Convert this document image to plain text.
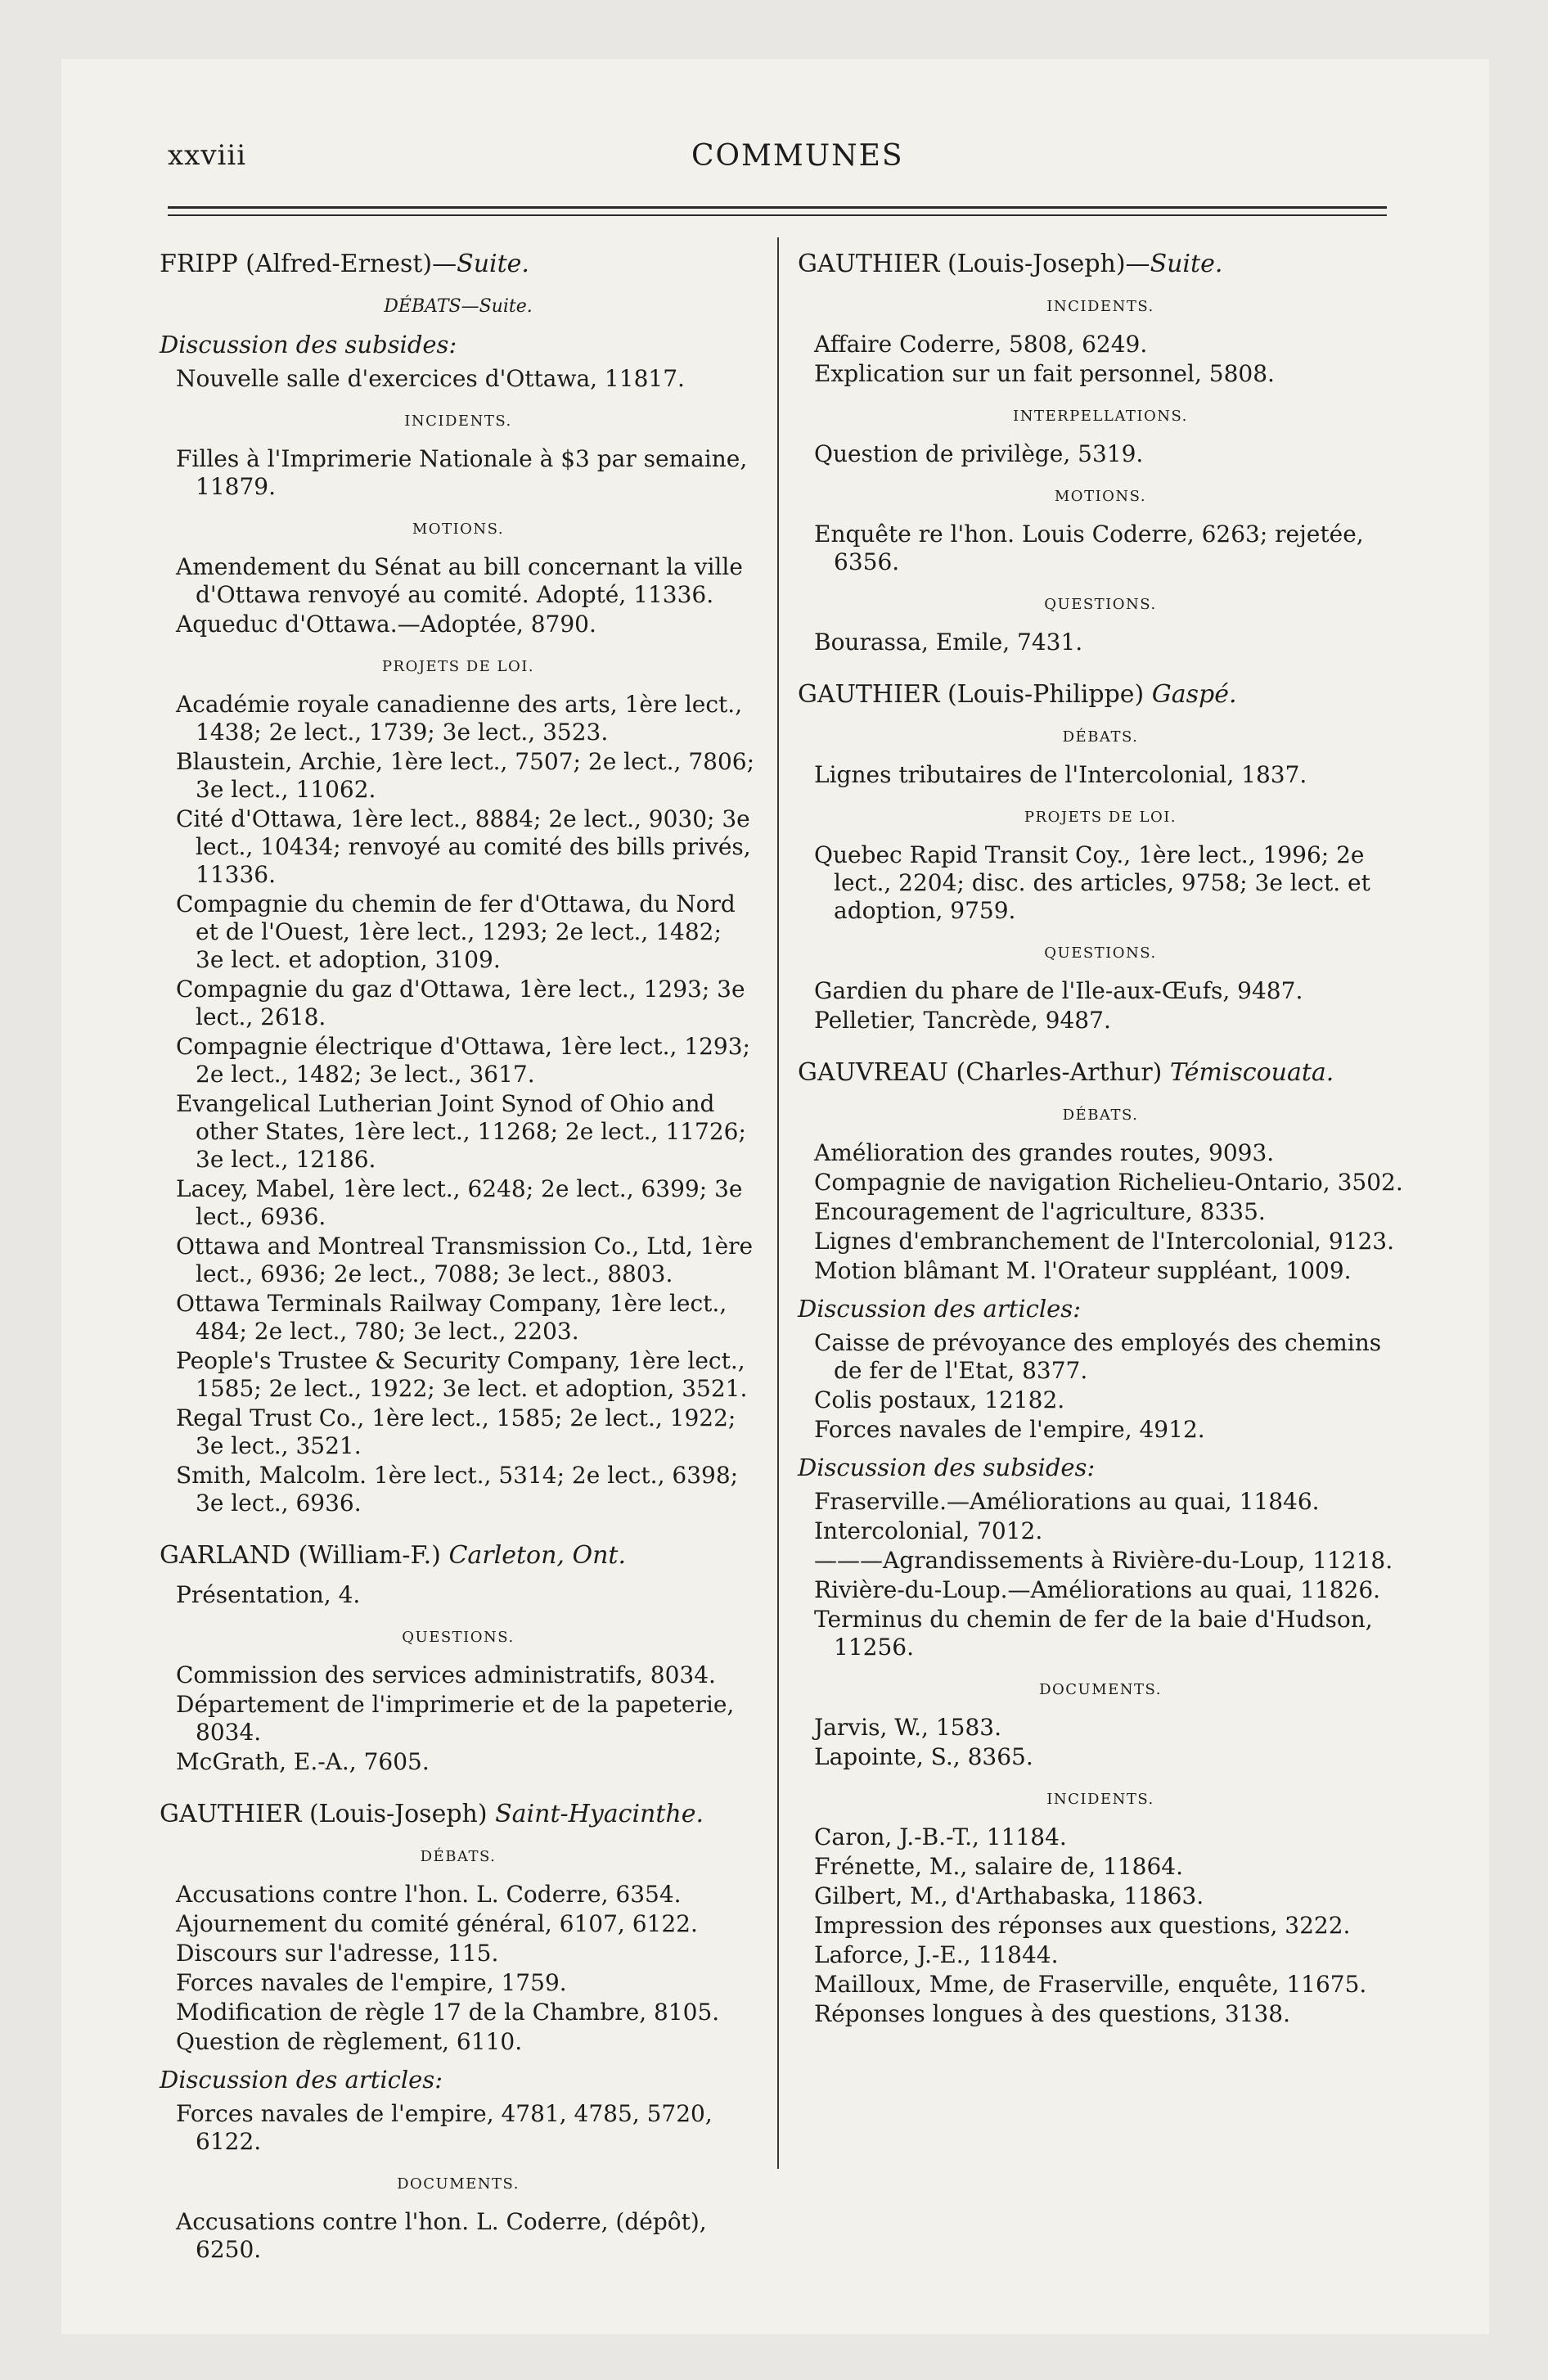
xxviii	COMMUNES
FRIPP (Alfred-Ernest)—Suite.
DÉBATS—Suite.
Discussion des subsides:
Nouvelle salle d'exercices d'Ottawa, 11817.
INCIDENTS.
Filles à l'Imprimerie Nationale à $3 par semaine, 11879.
MOTIONS.
Amendement du Sénat au bill concernant la ville d'Ottawa renvoyé au comité. Adopté, 11336.
Aqueduc d'Ottawa.—Adoptée, 8790.
PROJETS DE LOI.
Académie royale canadienne des arts, 1ère lect., 1438; 2e lect., 1739; 3e lect., 3523.
Blaustein, Archie, 1ère lect., 7507; 2e lect., 7806; 3e lect., 11062.
Cité d'Ottawa, 1ère lect., 8884; 2e lect., 9030; 3e lect., 10434; renvoyé au comité des bills privés, 11336.
Compagnie du chemin de fer d'Ottawa, du Nord et de l'Ouest, 1ère lect., 1293; 2e lect., 1482; 3e lect. et adoption, 3109.
Compagnie du gaz d'Ottawa, 1ère lect., 1293; 3e lect., 2618.
Compagnie électrique d'Ottawa, 1ère lect., 1293; 2e lect., 1482; 3e lect., 3617.
Evangelical Lutherian Joint Synod of Ohio and other States, 1ère lect., 11268; 2e lect., 11726; 3e lect., 12186.
Lacey, Mabel, 1ère lect., 6248; 2e lect., 6399; 3e lect., 6936.
Ottawa and Montreal Transmission Co., Ltd, 1ère lect., 6936; 2e lect., 7088; 3e lect., 8803.
Ottawa Terminals Railway Company, 1ère lect., 484; 2e lect., 780; 3e lect., 2203.
People's Trustee & Security Company, 1ère lect., 1585; 2e lect., 1922; 3e lect. et adoption, 3521.
Regal Trust Co., 1ère lect., 1585; 2e lect., 1922; 3e lect., 3521.
Smith, Malcolm. 1ère lect., 5314; 2e lect., 6398; 3e lect., 6936.
GARLAND (William-F.) Carleton, Ont.
Présentation, 4.
QUESTIONS.
Commission des services administratifs, 8034.
Département de l'imprimerie et de la papeterie, 8034.
McGrath, E.-A., 7605.
GAUTHIER (Louis-Joseph) Saint-Hyacinthe.
DÉBATS.
Accusations contre l'hon. L. Coderre, 6354.
Ajournement du comité général, 6107, 6122.
Discours sur l'adresse, 115.
Forces navales de l'empire, 1759.
Modification de règle 17 de la Chambre, 8105.
Question de règlement, 6110.
Discussion des articles:
Forces navales de l'empire, 4781, 4785, 5720, 6122.
DOCUMENTS.
Accusations contre l'hon. L. Coderre, (dépôt), 6250.
GAUTHIER (Louis-Joseph)—Suite.
INCIDENTS.
Affaire Coderre, 5808, 6249.
Explication sur un fait personnel, 5808.
INTERPELLATIONS.
Question de privilège, 5319.
MOTIONS.
Enquête re l'hon. Louis Coderre, 6263; rejetée, 6356.
QUESTIONS.
Bourassa, Emile, 7431.
GAUTHIER (Louis-Philippe) Gaspé.
DÉBATS.
Lignes tributaires de l'Intercolonial, 1837.
PROJETS DE LOI.
Quebec Rapid Transit Coy., 1ère lect., 1996; 2e lect., 2204; disc. des articles, 9758; 3e lect. et adoption, 9759.
QUESTIONS.
Gardien du phare de l'Ile-aux-Œufs, 9487.
Pelletier, Tancrède, 9487.
GAUVREAU (Charles-Arthur) Témiscouata.
DÉBATS.
Amélioration des grandes routes, 9093.
Compagnie de navigation Richelieu-Ontario, 3502.
Encouragement de l'agriculture, 8335.
Lignes d'embranchement de l'Intercolonial, 9123.
Motion blâmant M. l'Orateur suppléant, 1009.
Discussion des articles:
Caisse de prévoyance des employés des chemins de fer de l'Etat, 8377.
Colis postaux, 12182.
Forces navales de l'empire, 4912.
Discussion des subsides:
Fraserville.—Améliorations au quai, 11846.
Intercolonial, 7012.
———Agrandissements à Rivière-du-Loup, 11218.
Rivière-du-Loup.—Améliorations au quai, 11826.
Terminus du chemin de fer de la baie d'Hudson, 11256.
DOCUMENTS.
Jarvis, W., 1583.
Lapointe, S., 8365.
INCIDENTS.
Caron, J.-B.-T., 11184.
Frénette, M., salaire de, 11864.
Gilbert, M., d'Arthabaska, 11863.
Impression des réponses aux questions, 3222.
Laforce, J.-E., 11844.
Mailloux, Mme, de Fraserville, enquête, 11675.
Réponses longues à des questions, 3138.
